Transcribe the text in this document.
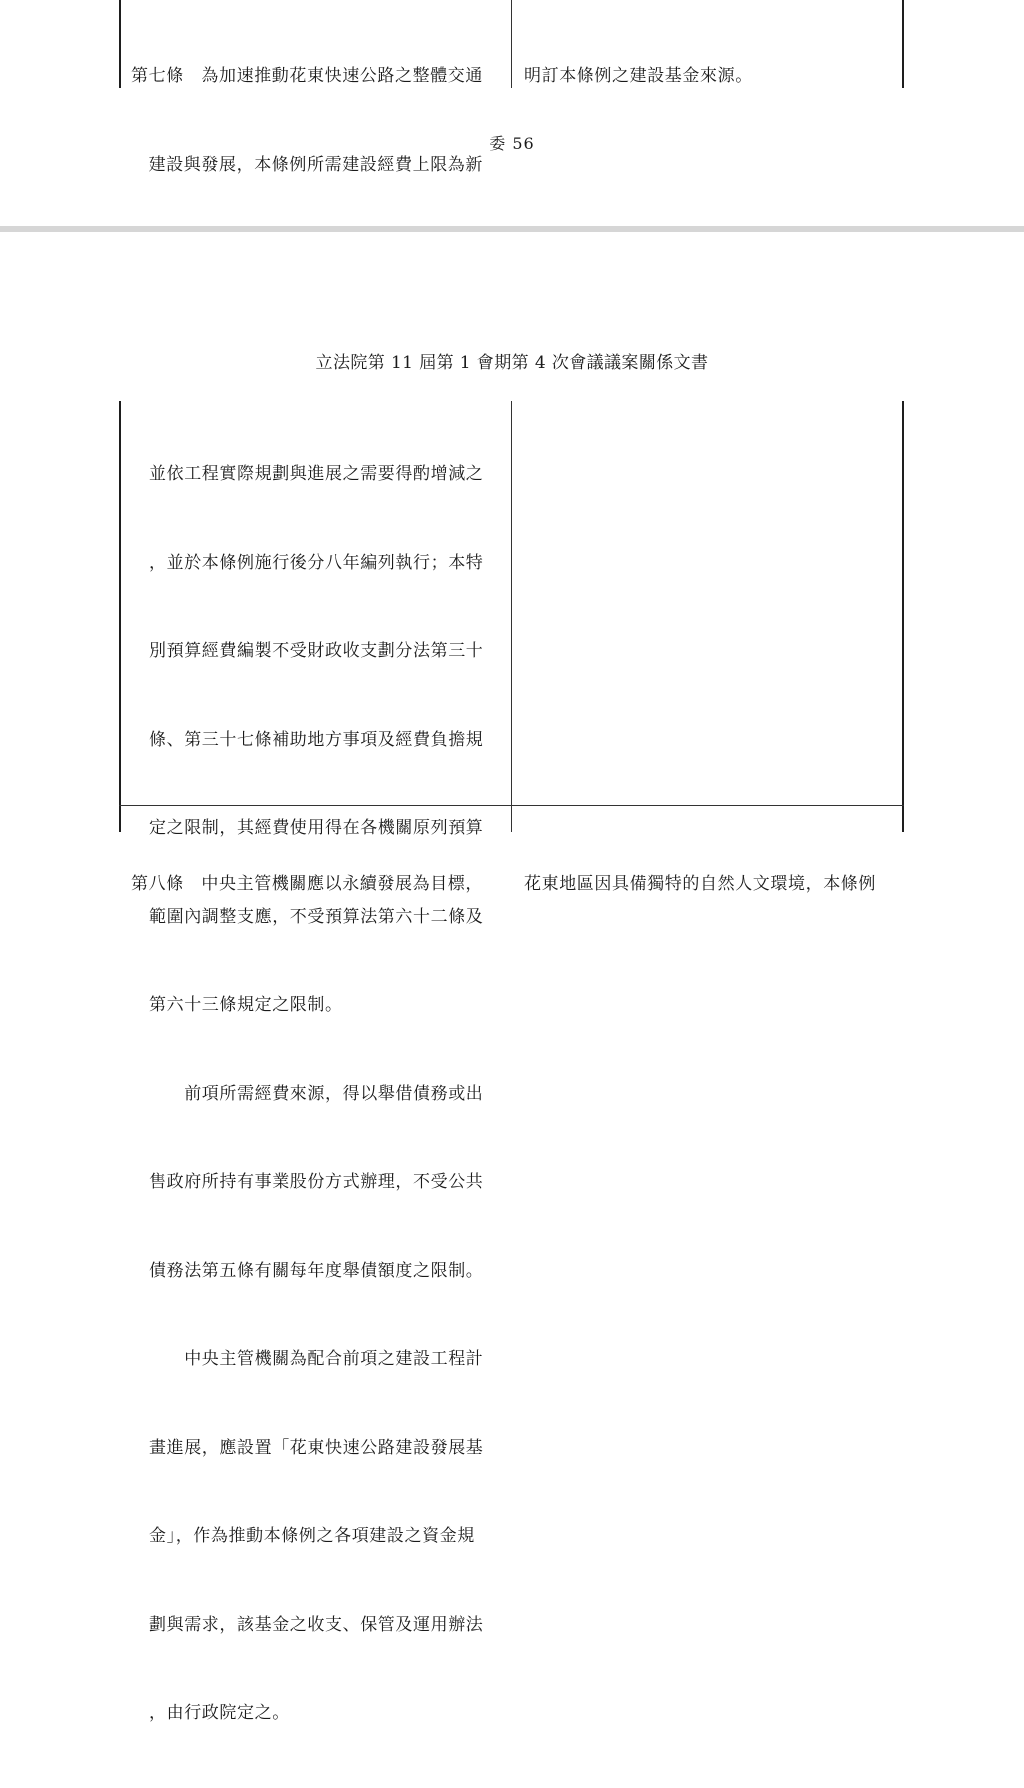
第七條　為加速推動花東快速公路之整體交通

　建設與發展，本條例所需建設經費上限為新

明訂本條例之建設基金來源。

委 56
立法院第 11 屆第 1 會期第 4 次會議議案關係文書

並依工程實際規劃與進展之需要得酌增減之

，並於本條例施行後分八年編列執行；本特

別預算經費編製不受財政收支劃分法第三十

條、第三十七條補助地方事項及經費負擔規

定之限制，其經費使用得在各機關原列預算

範圍內調整支應，不受預算法第六十二條及

第六十三條規定之限制。

　　前項所需經費來源，得以舉借債務或出

售政府所持有事業股份方式辦理，不受公共

債務法第五條有關每年度舉債額度之限制。

　　中央主管機關為配合前項之建設工程計

畫進展，應設置「花東快速公路建設發展基

金」，作為推動本條例之各項建設之資金規

劃與需求，該基金之收支、保管及運用辦法

，由行政院定之。

第八條　中央主管機關應以永續發展為目標，

花東地區因具備獨特的自然人文環境，本條例
